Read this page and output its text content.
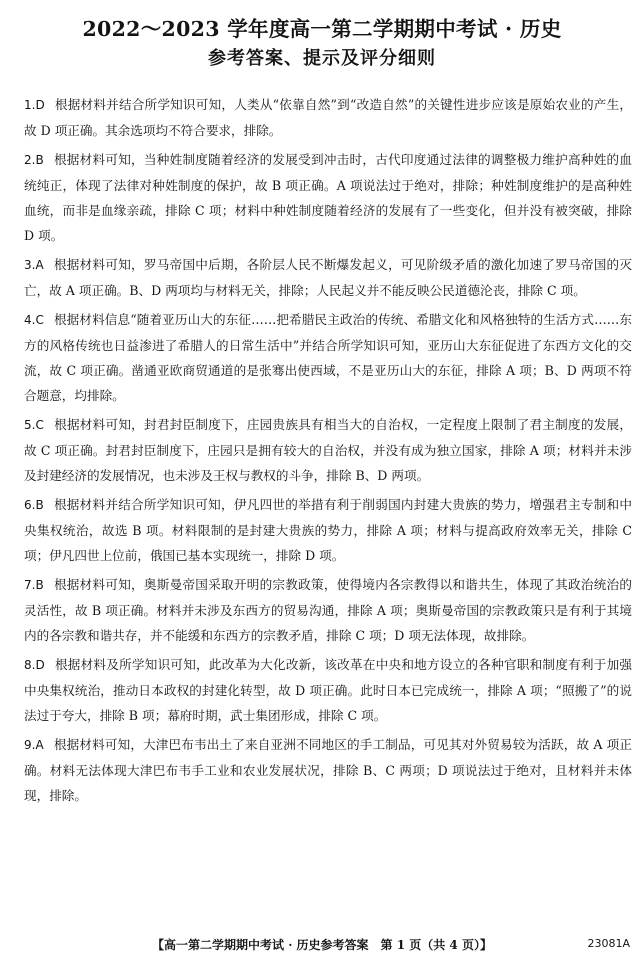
2022～2023 学年度高一第二学期期中考试 · 历史
参考答案、提示及评分细则
1.D 根据材料并结合所学知识可知，人类从“依靠自然”到“改造自然”的关键性进步应该是原始农业的产生，故 D 项正确。其余选项均不符合要求，排除。
2.B 根据材料可知，当种姓制度随着经济的发展受到冲击时，古代印度通过法律的调整极力维护高种姓的血统纯正，体现了法律对种姓制度的保护，故 B 项正确。A 项说法过于绝对，排除；种姓制度维护的是高种姓血统，而非是血缘亲疏，排除 C 项；材料中种姓制度随着经济的发展有了一些变化，但并没有被突破，排除 D 项。
3.A 根据材料可知，罗马帝国中后期，各阶层人民不断爆发起义，可见阶级矛盾的激化加速了罗马帝国的灭亡，故 A 项正确。B、D 两项均与材料无关，排除；人民起义并不能反映公民道德沦丧，排除 C 项。
4.C 根据材料信息“随着亚历山大的东征……把希腊民主政治的传统、希腊文化和风格独特的生活方式……东方的风格传统也日益渗进了希腊人的日常生活中”并结合所学知识可知，亚历山大东征促进了东西方文化的交流，故 C 项正确。凿通亚欧商贸通道的是张骞出使西域，不是亚历山大的东征，排除 A 项；B、D 两项不符合题意，均排除。
5.C 根据材料可知，封君封臣制度下，庄园贵族具有相当大的自治权，一定程度上限制了君主制度的发展，故 C 项正确。封君封臣制度下，庄园只是拥有较大的自治权，并没有成为独立国家，排除 A 项；材料并未涉及封建经济的发展情况，也未涉及王权与教权的斗争，排除 B、D 两项。
6.B 根据材料并结合所学知识可知，伊凡四世的举措有利于削弱国内封建大贵族的势力，增强君主专制和中央集权统治，故选 B 项。材料限制的是封建大贵族的势力，排除 A 项；材料与提高政府效率无关，排除 C 项；伊凡四世上位前，俄国已基本实现统一，排除 D 项。
7.B 根据材料可知，奥斯曼帝国采取开明的宗教政策，使得境内各宗教得以和谐共生，体现了其政治统治的灵活性，故 B 项正确。材料并未涉及东西方的贸易沟通，排除 A 项；奥斯曼帝国的宗教政策只是有利于其境内的各宗教和谐共存，并不能缓和东西方的宗教矛盾，排除 C 项；D 项无法体现，故排除。
8.D 根据材料及所学知识可知，此改革为大化改新，该改革在中央和地方设立的各种官职和制度有利于加强中央集权统治，推动日本政权的封建化转型，故 D 项正确。此时日本已完成统一，排除 A 项；“照搬了”的说法过于夸大，排除 B 项；幕府时期，武士集团形成，排除 C 项。
9.A 根据材料可知，大津巴布韦出土了来自亚洲不同地区的手工制品，可见其对外贸易较为活跃，故 A 项正确。材料无法体现大津巴布韦手工业和农业发展状况，排除 B、C 两项；D 项说法过于绝对，且材料并未体现，排除。
【高一第二学期期中考试 · 历史参考答案　第 1 页（共 4 页）】	23081A
